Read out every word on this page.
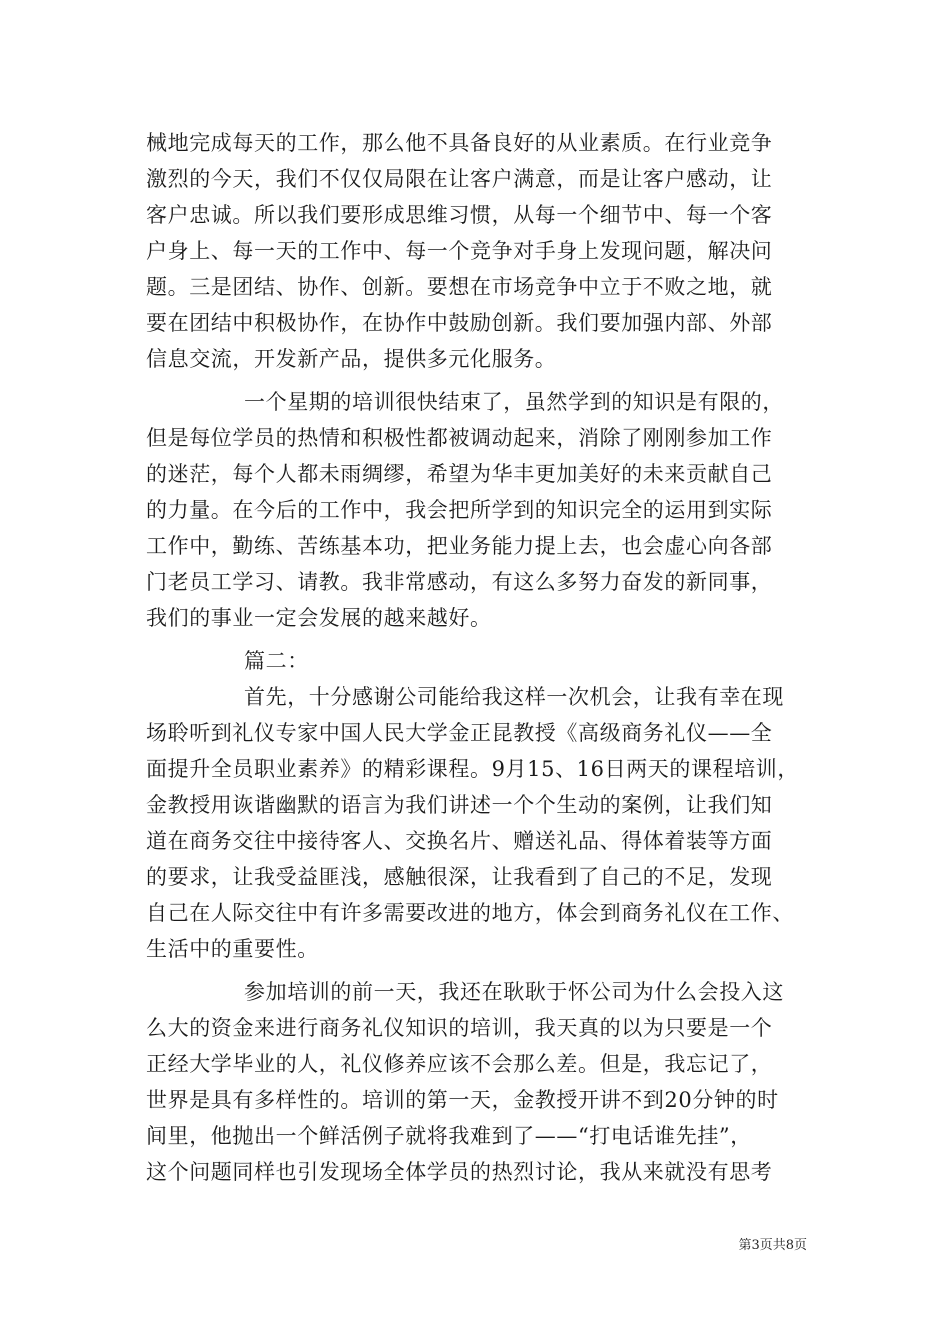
械地完成每天的工作，那么他不具备良好的从业素质。在行业竞争
激烈的今天，我们不仅仅局限在让客户满意，而是让客户感动，让
客户忠诚。所以我们要形成思维习惯，从每一个细节中、每一个客
户身上、每一天的工作中、每一个竞争对手身上发现问题，解决问
题。三是团结、协作、创新。要想在市场竞争中立于不败之地，就
要在团结中积极协作，在协作中鼓励创新。我们要加强内部、外部
信息交流，开发新产品，提供多元化服务。
一个星期的培训很快结束了，虽然学到的知识是有限的，
但是每位学员的热情和积极性都被调动起来，消除了刚刚参加工作
的迷茫，每个人都未雨绸缪，希望为华丰更加美好的未来贡献自己
的力量。在今后的工作中，我会把所学到的知识完全的运用到实际
工作中，勤练、苦练基本功，把业务能力提上去，也会虚心向各部
门老员工学习、请教。我非常感动，有这么多努力奋发的新同事，
我们的事业一定会发展的越来越好。
篇二：
首先，十分感谢公司能给我这样一次机会，让我有幸在现
场聆听到礼仪专家中国人民大学金正昆教授《高级商务礼仪——全
面提升全员职业素养》的精彩课程。9月15、16日两天的课程培训，
金教授用诙谐幽默的语言为我们讲述一个个生动的案例，让我们知
道在商务交往中接待客人、交换名片、赠送礼品、得体着装等方面
的要求，让我受益匪浅，感触很深，让我看到了自己的不足，发现
自己在人际交往中有许多需要改进的地方，体会到商务礼仪在工作、
生活中的重要性。
参加培训的前一天，我还在耿耿于怀公司为什么会投入这
么大的资金来进行商务礼仪知识的培训，我天真的以为只要是一个
正经大学毕业的人，礼仪修养应该不会那么差。但是，我忘记了，
世界是具有多样性的。培训的第一天，金教授开讲不到20分钟的时
间里，他抛出一个鲜活例子就将我难到了——“打电话谁先挂”，
这个问题同样也引发现场全体学员的热烈讨论，我从来就没有思考
第3页共8页
